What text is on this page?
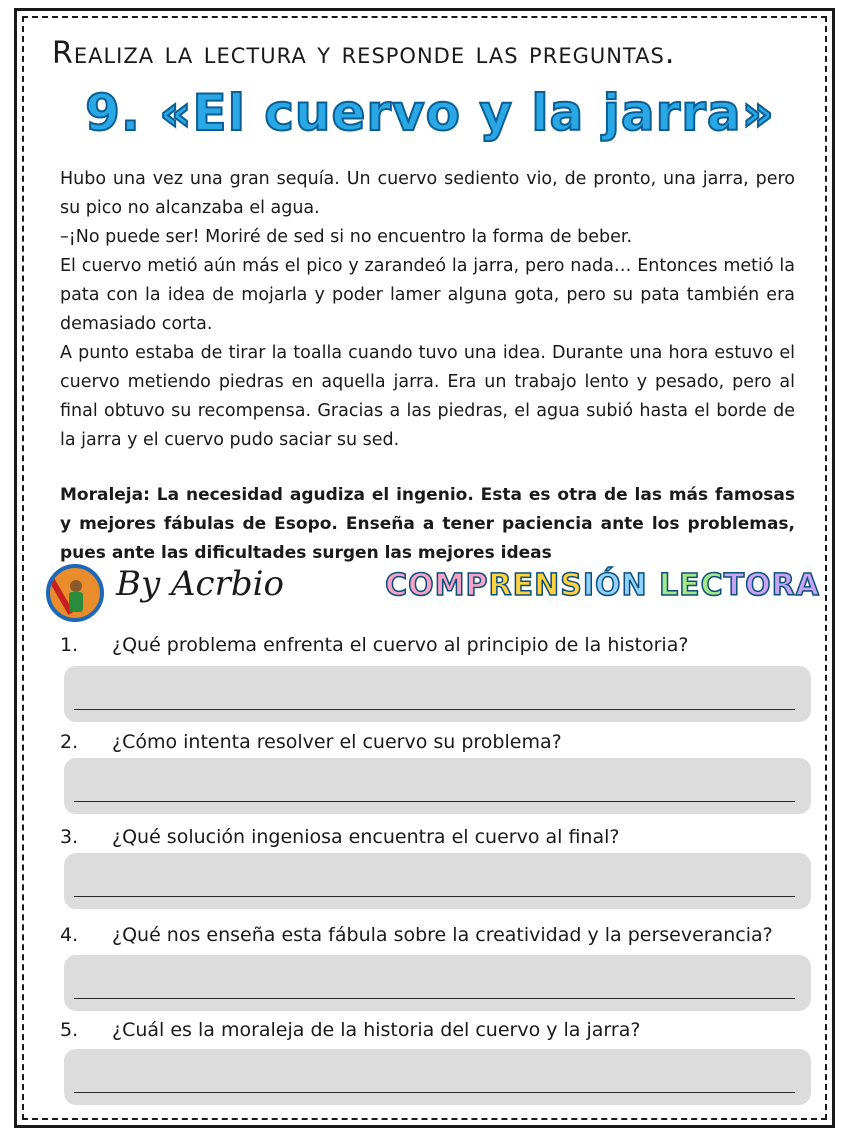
Realiza la lectura y responde las preguntas.
9. «El cuervo y la jarra»

Hubo una vez una gran sequía. Un cuervo sediento vio, de pronto, una jarra, pero su pico no alcanzaba el agua.

–¡No puede ser! Moriré de sed si no encuentro la forma de beber.

El cuervo metió aún más el pico y zarandeó la jarra, pero nada… Entonces metió la pata con la idea de mojarla y poder lamer alguna gota, pero su pata también era demasiado corta.

A punto estaba de tirar la toalla cuando tuvo una idea. Durante una hora estuvo el cuervo metiendo piedras en aquella jarra. Era un trabajo lento y pesado, pero al final obtuvo su recompensa. Gracias a las piedras, el agua subió hasta el borde de la jarra y el cuervo pudo saciar su sed.

Moraleja: La necesidad agudiza el ingenio. Esta es otra de las más famosas y mejores fábulas de Esopo. Enseña a tener paciencia ante los problemas, pues ante las dificultades surgen las mejores ideas
By Acrbio	COMPRENSIÓN LECTORA
1. ¿Qué problema enfrenta el cuervo al principio de la historia?
2. ¿Cómo intenta resolver el cuervo su problema?
3. ¿Qué solución ingeniosa encuentra el cuervo al final?
4. ¿Qué nos enseña esta fábula sobre la creatividad y la perseverancia?
5. ¿Cuál es la moraleja de la historia del cuervo y la jarra?
